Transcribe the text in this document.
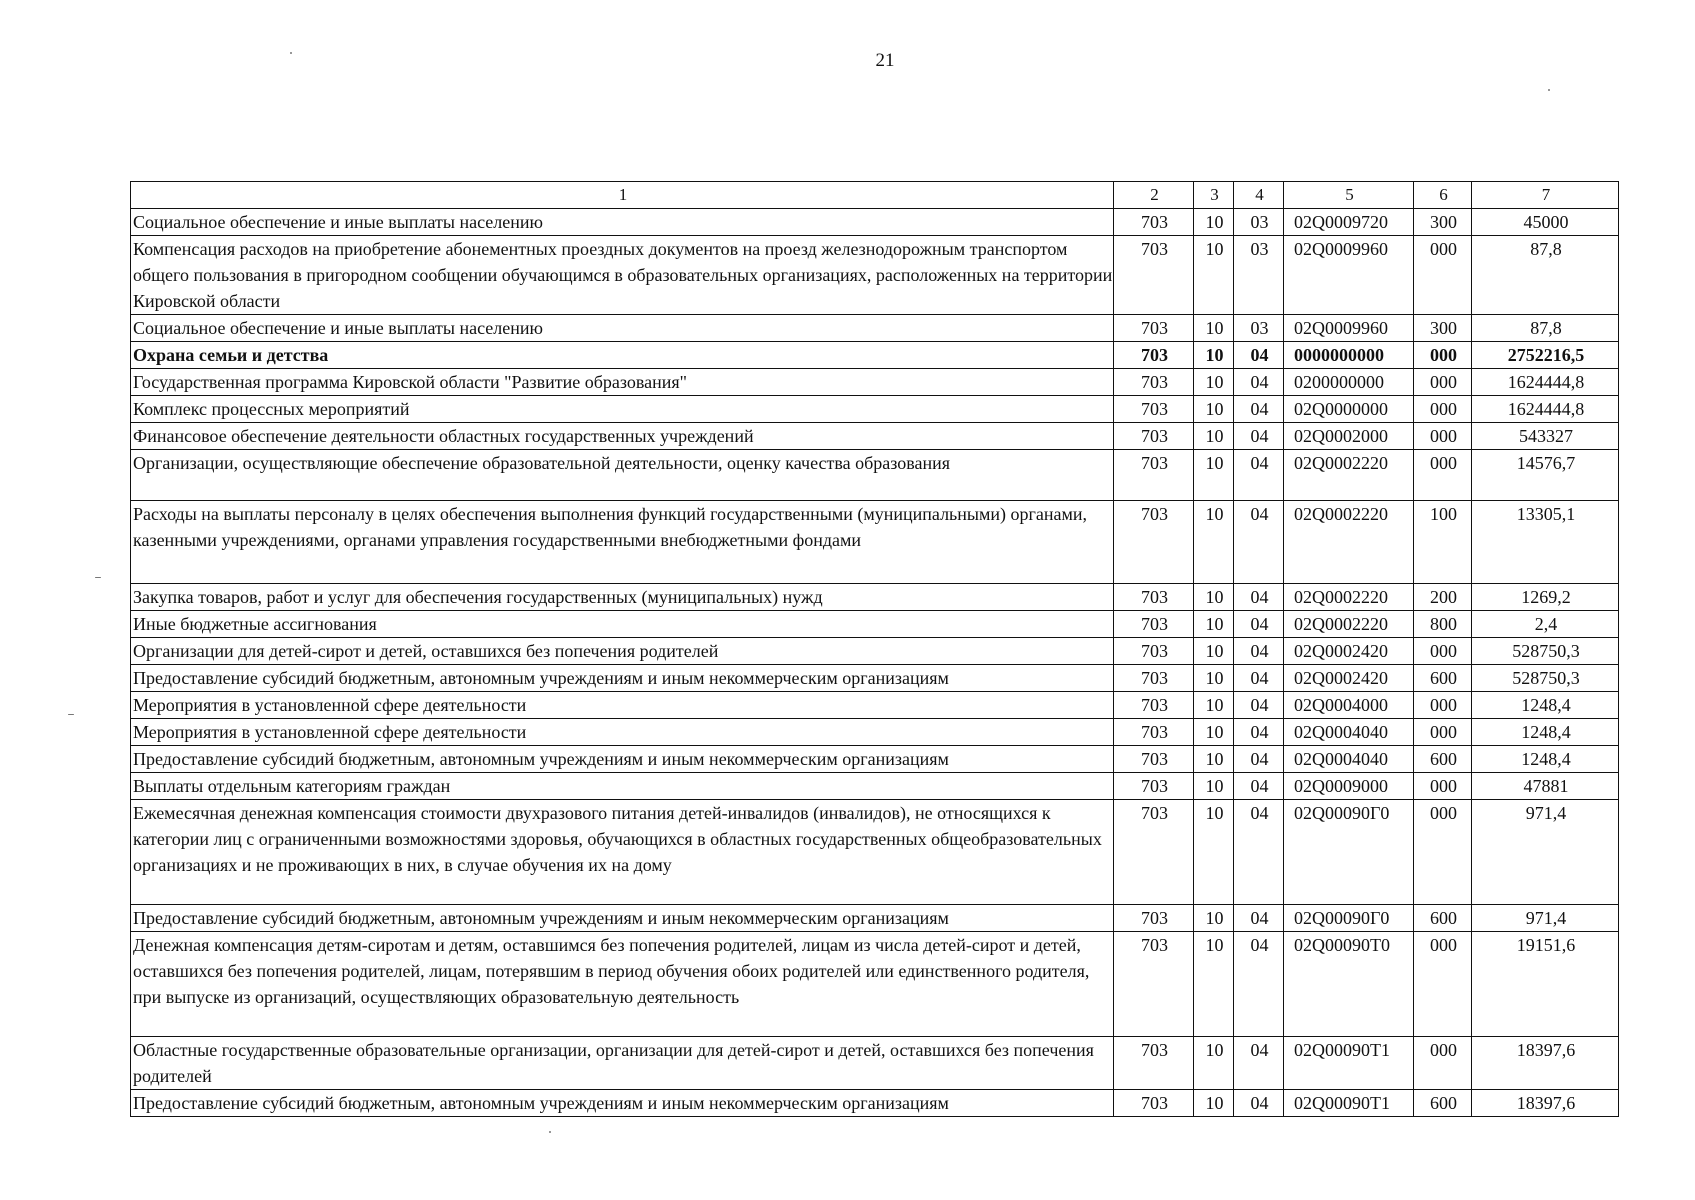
21
1	2	3	4	5	6	7
Социальное обеспечение и иные выплаты населению	703	10	03	02Q0009720	300	45000
Компенсация расходов на приобретение абонементных проездных документов на проезд железнодорожным транспортом общего пользования в пригородном сообщении обучающимся в образовательных организациях, расположенных на территории Кировской области	703	10	03	02Q0009960	000	87,8
Социальное обеспечение и иные выплаты населению	703	10	03	02Q0009960	300	87,8
Охрана семьи и детства	703	10	04	0000000000	000	2752216,5
Государственная программа Кировской области "Развитие образования"	703	10	04	0200000000	000	1624444,8
Комплекс процессных мероприятий	703	10	04	02Q0000000	000	1624444,8
Финансовое обеспечение деятельности областных государственных учреждений	703	10	04	02Q0002000	000	543327
Организации, осуществляющие обеспечение образовательной деятельности, оценку качества образования	703	10	04	02Q0002220	000	14576,7
Расходы на выплаты персоналу в целях обеспечения выполнения функций государственными (муниципальными) органами, казенными учреждениями, органами управления государственными внебюджетными фондами	703	10	04	02Q0002220	100	13305,1
Закупка товаров, работ и услуг для обеспечения государственных (муниципальных) нужд	703	10	04	02Q0002220	200	1269,2
Иные бюджетные ассигнования	703	10	04	02Q0002220	800	2,4
Организации для детей-сирот и детей, оставшихся без попечения родителей	703	10	04	02Q0002420	000	528750,3
Предоставление субсидий бюджетным, автономным учреждениям и иным некоммерческим организациям	703	10	04	02Q0002420	600	528750,3
Мероприятия в установленной сфере деятельности	703	10	04	02Q0004000	000	1248,4
Мероприятия в установленной сфере деятельности	703	10	04	02Q0004040	000	1248,4
Предоставление субсидий бюджетным, автономным учреждениям и иным некоммерческим организациям	703	10	04	02Q0004040	600	1248,4
Выплаты отдельным категориям граждан	703	10	04	02Q0009000	000	47881
Ежемесячная денежная компенсация стоимости двухразового питания детей-инвалидов (инвалидов), не относящихся к категории лиц с ограниченными возможностями здоровья, обучающихся в областных государственных общеобразовательных организациях и не проживающих в них, в случае обучения их на дому	703	10	04	02Q00090Г0	000	971,4
Предоставление субсидий бюджетным, автономным учреждениям и иным некоммерческим организациям	703	10	04	02Q00090Г0	600	971,4
Денежная компенсация детям-сиротам и детям, оставшимся без попечения родителей, лицам из числа детей-сирот и детей, оставшихся без попечения родителей, лицам, потерявшим в период обучения обоих родителей или единственного родителя, при выпуске из организаций, осуществляющих образовательную деятельность	703	10	04	02Q00090Т0	000	19151,6
Областные государственные образовательные организации, организации для детей-сирот и детей, оставшихся без попечения родителей	703	10	04	02Q00090Т1	000	18397,6
Предоставление субсидий бюджетным, автономным учреждениям и иным некоммерческим организациям	703	10	04	02Q00090Т1	600	18397,6
